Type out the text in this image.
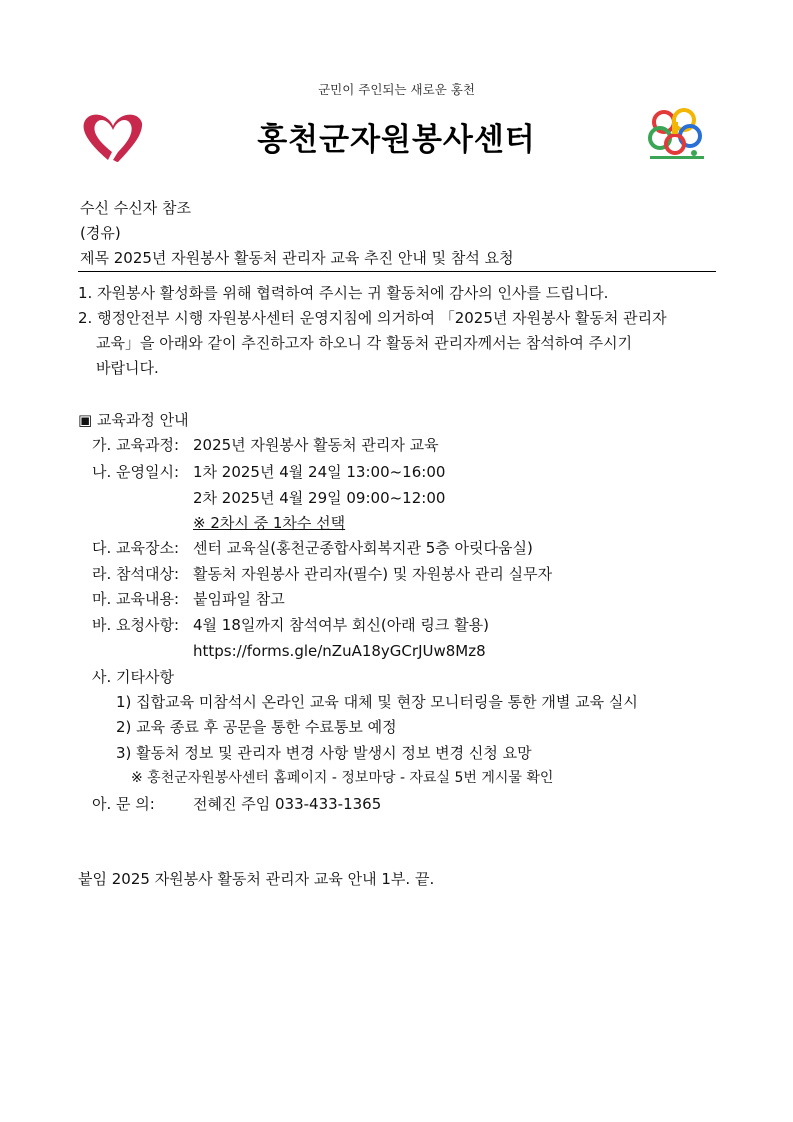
군민이 주인되는 새로운 홍천
홍천군자원봉사센터
수신 수신자 참조
(경유)
제목 2025년 자원봉사 활동처 관리자 교육 추진 안내 및 참석 요청
1. 자원봉사 활성화를 위해 협력하여 주시는 귀 활동처에 감사의 인사를 드립니다.
2. 행정안전부 시행 자원봉사센터 운영지침에 의거하여 「2025년 자원봉사 활동처 관리자
교육」을 아래와 같이 추진하고자 하오니 각 활동처 관리자께서는 참석하여 주시기
바랍니다.
▣ 교육과정 안내
가. 교육과정: 2025년 자원봉사 활동처 관리자 교육
나. 운영일시: 1차 2025년 4월 24일 13:00~16:00
2차 2025년 4월 29일 09:00~12:00
※ 2차시 중 1차수 선택
다. 교육장소: 센터 교육실(홍천군종합사회복지관 5층 아릿다움실)
라. 참석대상: 활동처 자원봉사 관리자(필수) 및 자원봉사 관리 실무자
마. 교육내용: 붙임파일 참고
바. 요청사항: 4월 18일까지 참석여부 회신(아래 링크 활용)
https://forms.gle/nZuA18yGCrJUw8Mz8
사. 기타사항
1) 집합교육 미참석시 온라인 교육 대체 및 현장 모니터링을 통한 개별 교육 실시
2) 교육 종료 후 공문을 통한 수료통보 예정
3) 활동처 정보 및 관리자 변경 사항 발생시 정보 변경 신청 요망
※ 홍천군자원봉사센터 홈페이지 - 정보마당 - 자료실 5번 게시물 확인
아. 문 의:	전혜진 주임 033-433-1365
붙임 2025 자원봉사 활동처 관리자 교육 안내 1부. 끝.
